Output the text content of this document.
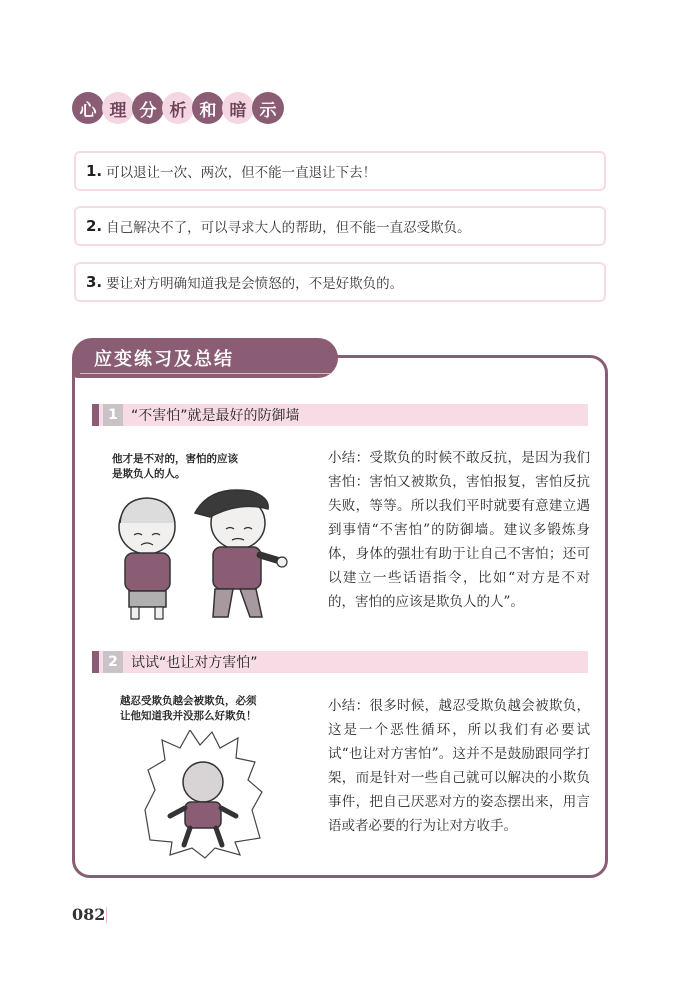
心 理 分 析 和 暗 示
1. 可以退让一次、两次，但不能一直退让下去！
2. 自己解决不了，可以寻求大人的帮助，但不能一直忍受欺负。
3. 要让对方明确知道我是会愤怒的，不是好欺负的。
应变练习及总结
1 “不害怕”就是最好的防御墙
他才是不对的，害怕的应该
是欺负人的人。
小结：受欺负的时候不敢反抗，是因为我们害怕：害怕又被欺负，害怕报复，害怕反抗失败，等等。所以我们平时就要有意建立遇到事情“不害怕”的防御墙。建议多锻炼身体，身体的强壮有助于让自己不害怕；还可以建立一些话语指令，比如“对方是不对的，害怕的应该是欺负人的人”。
2 试试“也让对方害怕”
越忍受欺负越会被欺负，必须
让他知道我并没那么好欺负！
小结：很多时候，越忍受欺负越会被欺负，这是一个恶性循环，所以我们有必要试试“也让对方害怕”。这并不是鼓励跟同学打架，而是针对一些自己就可以解决的小欺负事件，把自己厌恶对方的姿态摆出来，用言语或者必要的行为让对方收手。
082
